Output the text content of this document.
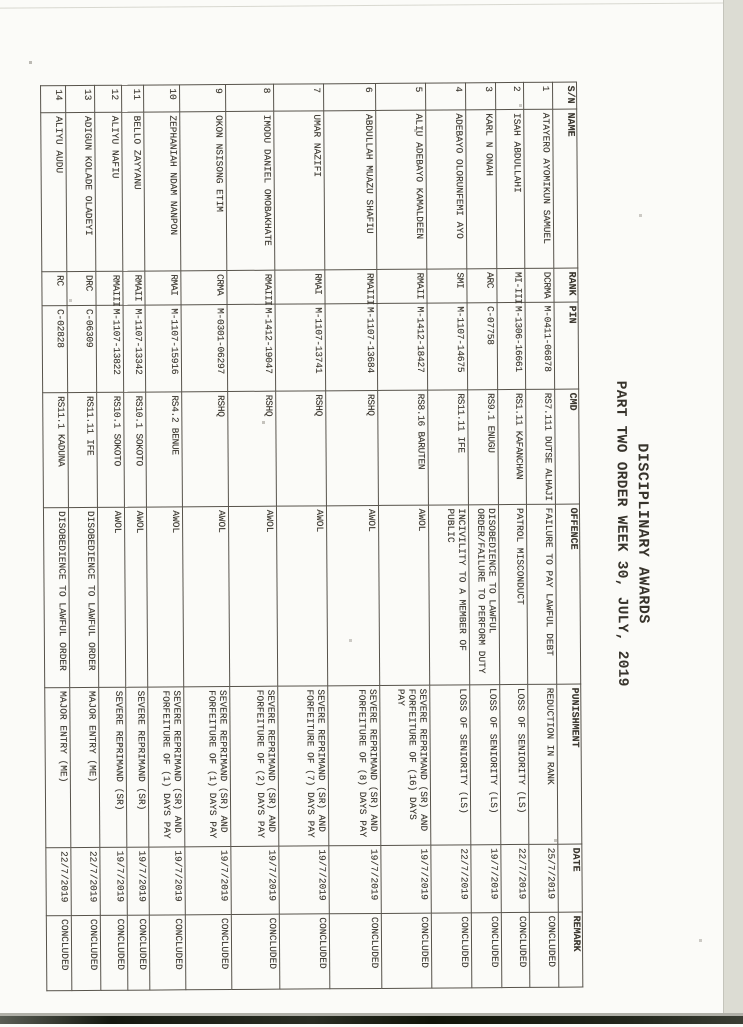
DISCIPLINARY AWARDS
PART TWO ORDER WEEK 30, JULY, 2019
S/N	NAME	RANK	PIN	CMD	OFFENCE	PUNISHMENT	DATE	REMARK
1	ATAYERO AYOMIKUN SAMUEL	DCRMA	M-0411-06878	RS7.111 DUTSE ALHAJI	FAILURE TO PAY LAWFUL DEBT	REDUCTION IN RANK	25/7/2019	CONCLUDED
2	ISAH ABDULLAHI	MI-III	M-1306-16661	RS1.11 KAFANCHAN	PATROL MISCONDUCT	LOSS OF SENIORITY (LS)	22/7/2019	CONCLUDED
3	KARL N ONAH	ARC	C-07758	RS9.1 ENUGU	DISOBEDIENCE TO LAWFUL ORDER/FAILURE TO PERFORM DUTY	LOSS OF SENIORITY (LS)	19/7/2019	CONCLUDED
4	ADEBAYO OLORUNFEMI AYO	SMI	M-1107-14675	RS11.11 IFE	INCIVILITY TO A MEMBER OF PUBLIC	LOSS OF SENIORITY (LS)	22/7/2019	CONCLUDED
5	ALIU ADEBAYO KAMALDEEN	RMAII	M-1412-18427	RS8.16 BARUTEN	AWOL	SEVERE REPRIMAND (SR) AND FORFEITURE OF (16) DAYS PAY	19/7/2019	CONCLUDED
6	ABDULLAH MUAZU SHAFIU	RMAIII	M-1107-13684	RSHQ	AWOL	SEVERE REPRIMAND (SR) AND FORFEITURE OF (8) DAYS PAY	19/7/2019	CONCLUDED
7	UMAR NAZIFI	RMAI	M-1107-13741	RSHQ	AWOL	SEVERE REPRIMAND (SR) AND FORFEITURE OF (7) DAYS PAY	19/7/2019	CONCLUDED
8	IMODU DANIEL OMOBAKHATE	RMAIII	M-1412-19047	RSHQ	AWOL	SEVERE REPRIMAND (SR) AND FORFEITURE OF (2) DAYS PAY	19/7/2019	CONCLUDED
9	OKON NSISONG ETIM	CRMA	M-0301-06297	RSHQ	AWOL	SEVERE REPRIMAND (SR) AND FORFEITURE OF (1) DAYS PAY	19/7/2019	CONCLUDED
10	ZEPHANIAH NDAM NANPON	RMAI	M-1107-15916	RS4.2 BENUE	AWOL	SEVERE REPRIMAND (SR) AND FORFEITURE OF (1) DAYS PAY	19/7/2019	CONCLUDED
11	BELLO ZAYYANU	RMAII	M-1107-13342	RS10.1 SOKOTO	AWOL	SEVERE REPRIMAND (SR)	19/7/2019	CONCLUDED
12	ALIYU NAFIU	RMAIII	M-1107-13822	RS10.1 SOKOTO	AWOL	SEVERE REPRIMAND (SR)	19/7/2019	CONCLUDED
13	ADIGUN KOLADE OLADEYI	DRC	C-06309	RS11.11 IFE	DISOBEDIENCE TO LAWFUL ORDER	MAJOR ENTRY (ME)	22/7/2019	CONCLUDED
14	ALIYU AUDU	RC	C-02828	RS11.1 KADUNA	DISOBEDIENCE TO LAWFUL ORDER	MAJOR ENTRY (ME)	22/7/2019	CONCLUDED
